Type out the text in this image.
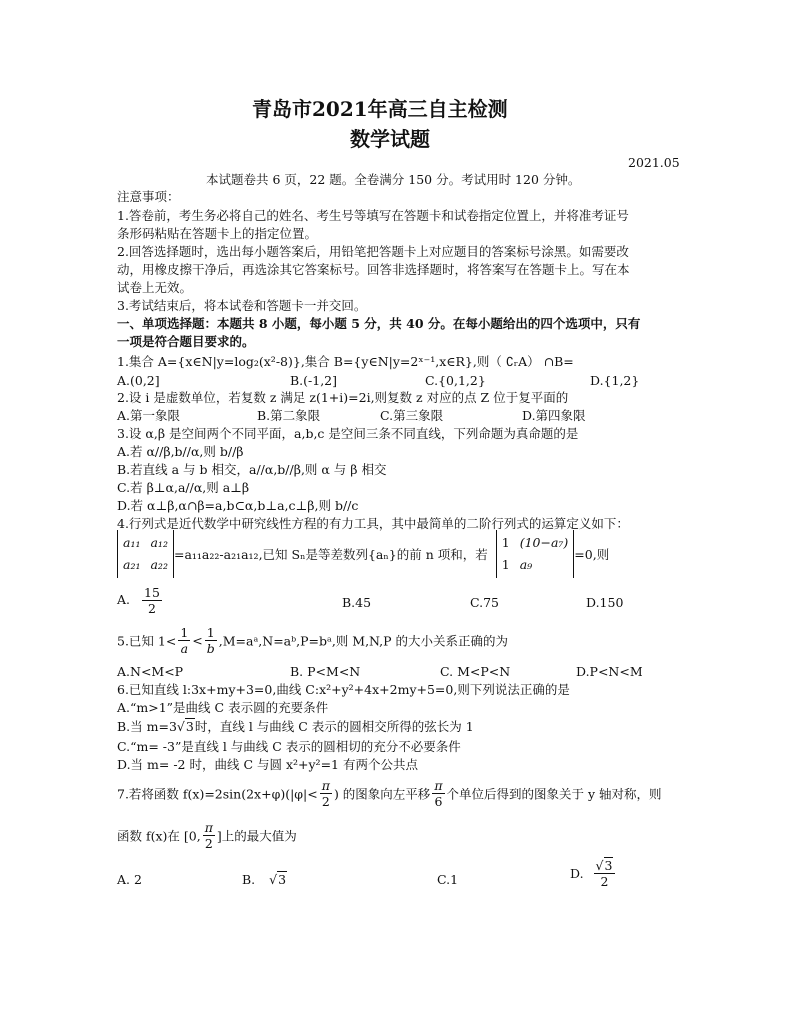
青岛市2021年高三自主检测
数学试题
2021.05
本试题卷共 6 页，22 题。全卷满分 150 分。考试用时 120 分钟。
注意事项：
1.答卷前，考生务必将自己的姓名、考生号等填写在答题卡和试卷指定位置上，并将准考证号
条形码粘贴在答题卡上的指定位置。
2.回答选择题时，选出每小题答案后，用铅笔把答题卡上对应题目的答案标号涂黑。如需要改
动，用橡皮擦干净后，再选涂其它答案标号。回答非选择题时，将答案写在答题卡上。写在本
试卷上无效。
3.考试结束后，将本试卷和答题卡一并交回。
一、单项选择题：本题共 8 小题，每小题 5 分，共 40 分。在每小题给出的四个选项中，只有
一项是符合题目要求的。
1.集合 A={x∈N|y=log₂(x²-8)},集合 B={y∈N|y=2ˣ⁻¹,x∈R},则（ ∁ᵣA） ∩B=
A.(0,2]	B.(-1,2]	C.{0,1,2}	D.{1,2}
2.设 i 是虚数单位，若复数 z 满足 z(1+i)=2i,则复数 z 对应的点 Z 位于复平面的
A.第一象限	B.第二象限	C.第三象限	D.第四象限
3.设 α,β 是空间两个不同平面，a,b,c 是空间三条不同直线，下列命题为真命题的是
A.若 α//β,b//α,则 b//β
B.若直线 a 与 b 相交，a//α,b//β,则 α 与 β 相交
C.若 β⊥α,a//α,则 a⊥β
D.若 α⊥β,α∩β=a,b⊂α,b⊥a,c⊥β,则 b//c
4.行列式是近代数学中研究线性方程的有力工具，其中最简单的二阶行列式的运算定义如下：
a₁₁ a₁₂
a₂₁ a₂₂
=a₁₁a₂₂-a₂₁a₁₂,已知 Sₙ是等差数列{aₙ}的前 n 项和，若
1 (10−a₇)
1 a₉
=0,则
A. $\frac{15}{2}$	B.45	C.75	D.150
5.已知 $1< \frac{1}{a} < \frac{1}{b}$ ,M=aᵃ,N=aᵇ,P=bᵃ,则 M,N,P 的大小关系正确的为
A.N<M<P	B. P<M<N	C. M<P<N	D.P<N<M
6.已知直线 l:3x+my+3=0,曲线 C:x²+y²+4x+2my+5=0,则下列说法正确的是
A.“m>1”是曲线 C 表示圆的充要条件
B.当 m=3√3时，直线 l 与曲线 C 表示的圆相交所得的弦长为 1
C.“m= -3”是直线 l 与曲线 C 表示的圆相切的充分不必要条件
D.当 m= -2 时，曲线 C 与圆 x²+y²=1 有两个公共点
7.若将函数 $f(x)=2\sin(2x+\varphi)(|\varphi|< \frac{\pi}{2}$ ) 的图象向左平移 $\frac{\pi}{6}$ 个单位后得到的图象关于 y 轴对称，则
函数 f(x)在 [0, $\frac{\pi}{2}$ ]上的最大值为
A. 2	B. √3	C.1	D. $\frac{√3}{2}$
